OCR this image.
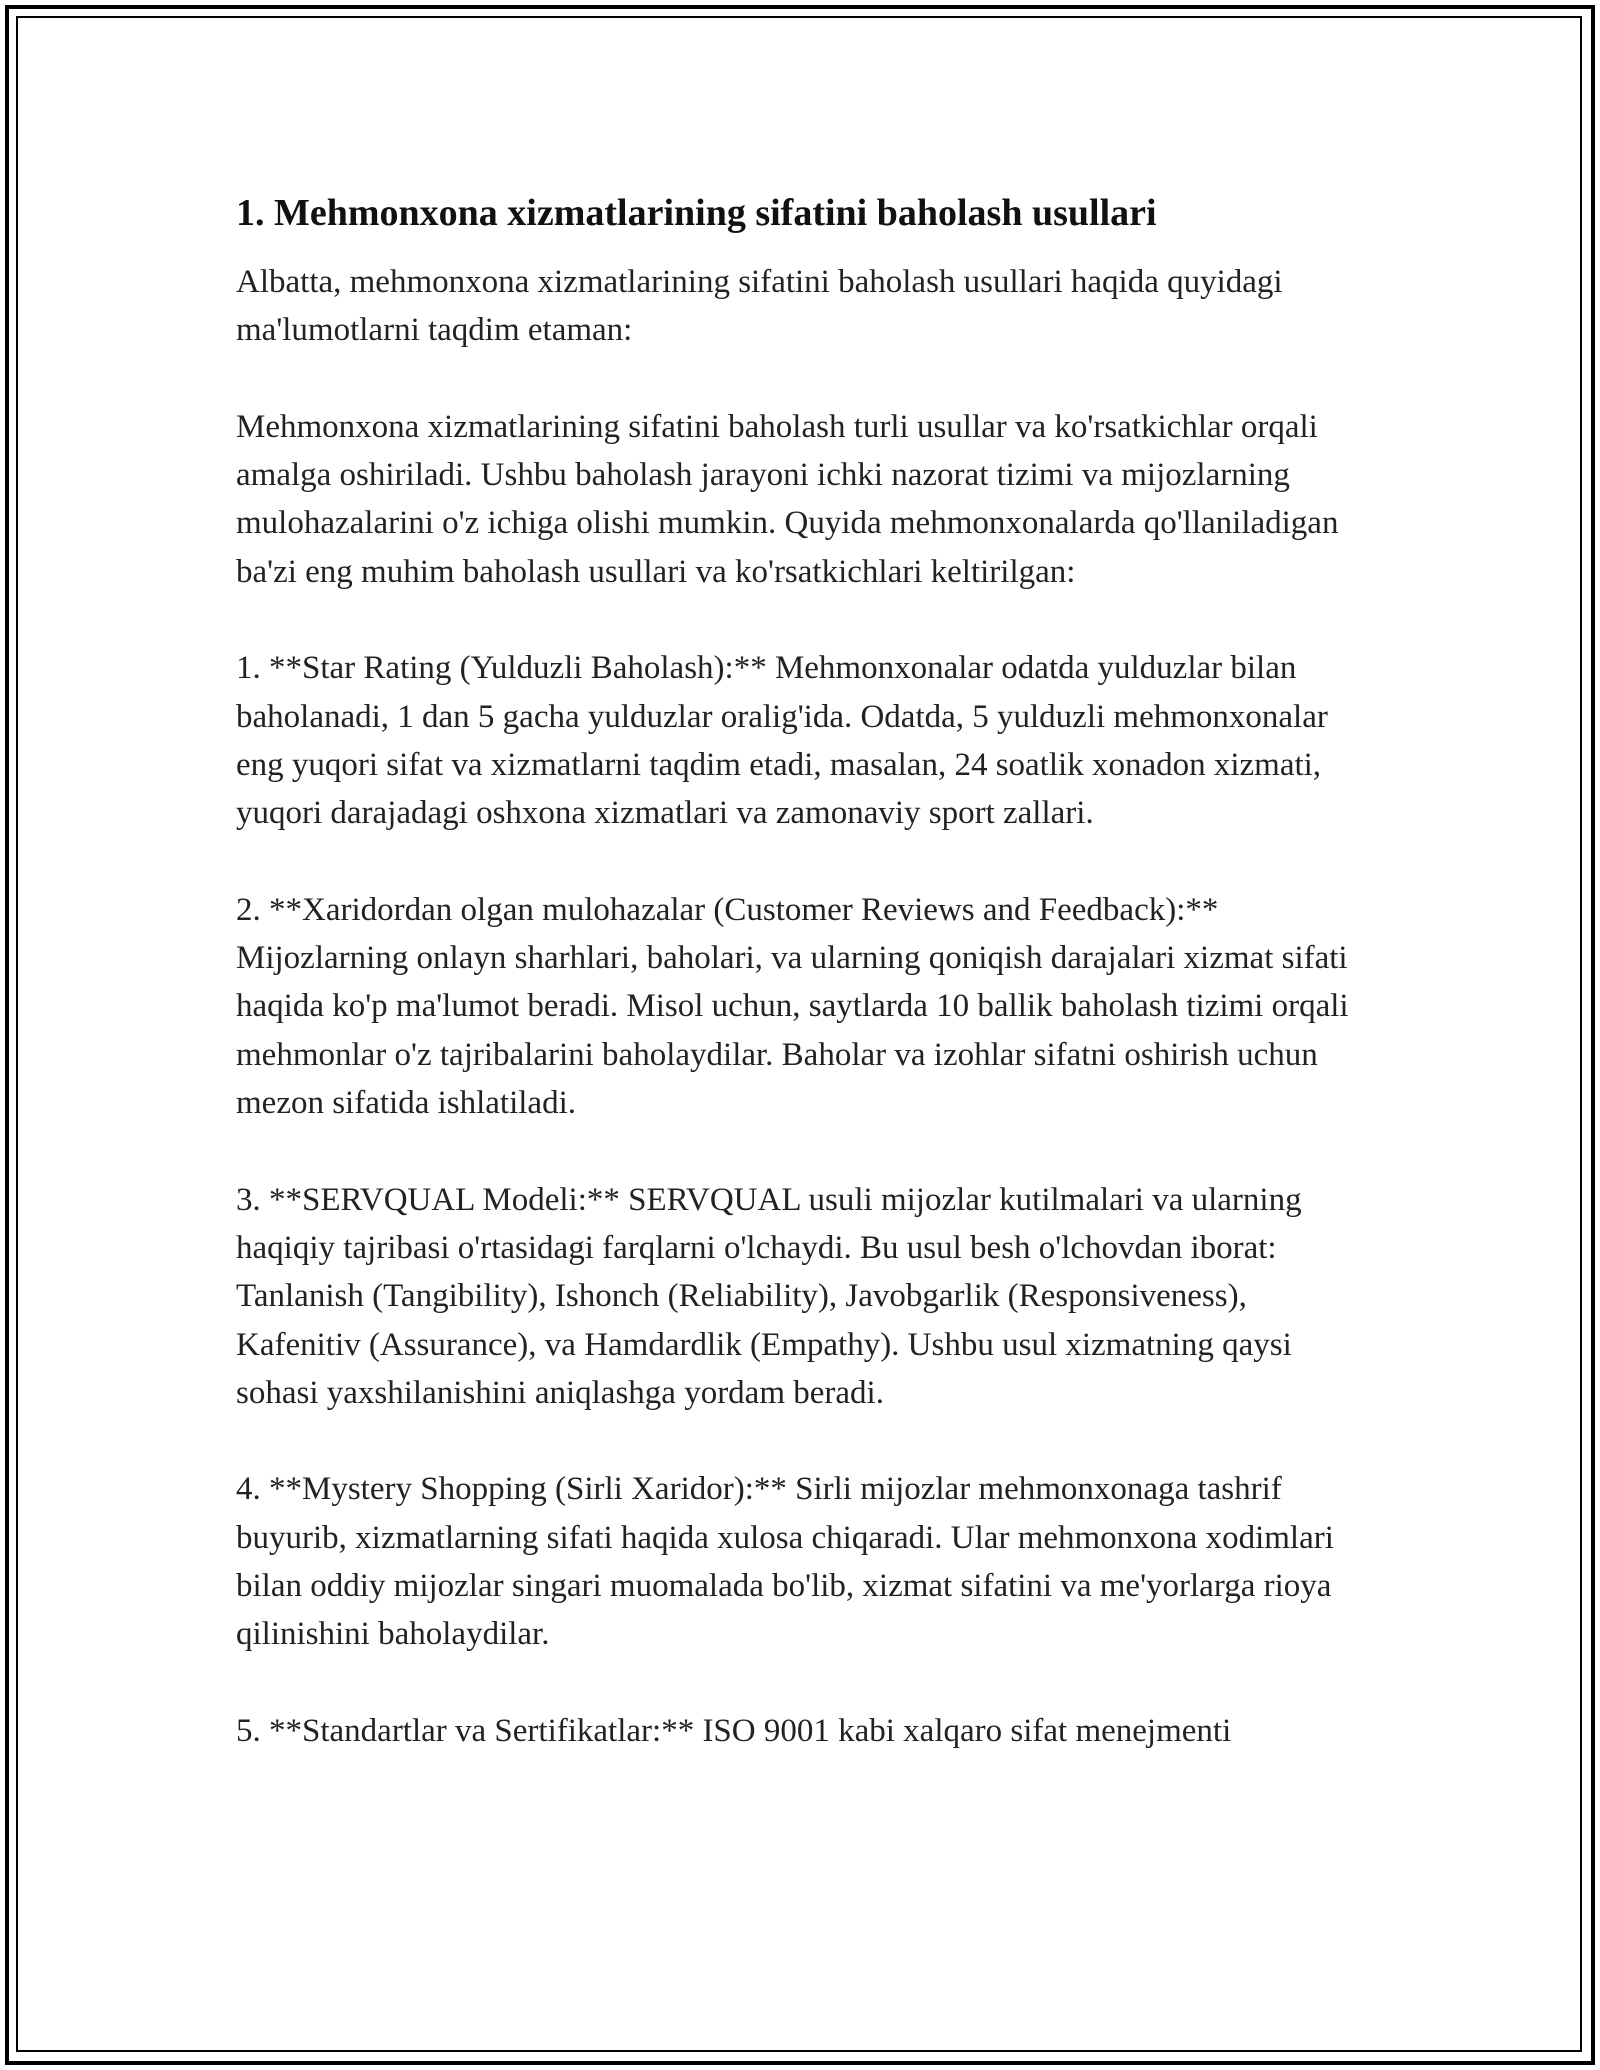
1. Mehmonxona xizmatlarining sifatini baholash usullari

Albatta, mehmonxona xizmatlarining sifatini baholash usullari haqida quyidagi ma'lumotlarni taqdim etaman:

Mehmonxona xizmatlarining sifatini baholash turli usullar va ko'rsatkichlar orqali amalga oshiriladi. Ushbu baholash jarayoni ichki nazorat tizimi va mijozlarning mulohazalarini o'z ichiga olishi mumkin. Quyida mehmonxonalarda qo'llaniladigan ba'zi eng muhim baholash usullari va ko'rsatkichlari keltirilgan:

1. **Star Rating (Yulduzli Baholash):** Mehmonxonalar odatda yulduzlar bilan baholanadi, 1 dan 5 gacha yulduzlar oralig'ida. Odatda, 5 yulduzli mehmonxonalar eng yuqori sifat va xizmatlarni taqdim etadi, masalan, 24 soatlik xonadon xizmati, yuqori darajadagi oshxona xizmatlari va zamonaviy sport zallari.

2. **Xaridordan olgan mulohazalar (Customer Reviews and Feedback):** Mijozlarning onlayn sharhlari, baholari, va ularning qoniqish darajalari xizmat sifati haqida ko'p ma'lumot beradi. Misol uchun, saytlarda 10 ballik baholash tizimi orqali mehmonlar o'z tajribalarini baholaydilar. Baholar va izohlar sifatni oshirish uchun mezon sifatida ishlatiladi.

3. **SERVQUAL Modeli:** SERVQUAL usuli mijozlar kutilmalari va ularning haqiqiy tajribasi o'rtasidagi farqlarni o'lchaydi. Bu usul besh o'lchovdan iborat: Tanlanish (Tangibility), Ishonch (Reliability), Javobgarlik (Responsiveness), Kafenitiv (Assurance), va Hamdardlik (Empathy). Ushbu usul xizmatning qaysi sohasi yaxshilanishini aniqlashga yordam beradi.

4. **Mystery Shopping (Sirli Xaridor):** Sirli mijozlar mehmonxonaga tashrif buyurib, xizmatlarning sifati haqida xulosa chiqaradi. Ular mehmonxona xodimlari bilan oddiy mijozlar singari muomalada bo'lib, xizmat sifatini va me'yorlarga rioya qilinishini baholaydilar.

5. **Standartlar va Sertifikatlar:** ISO 9001 kabi xalqaro sifat menejmenti
